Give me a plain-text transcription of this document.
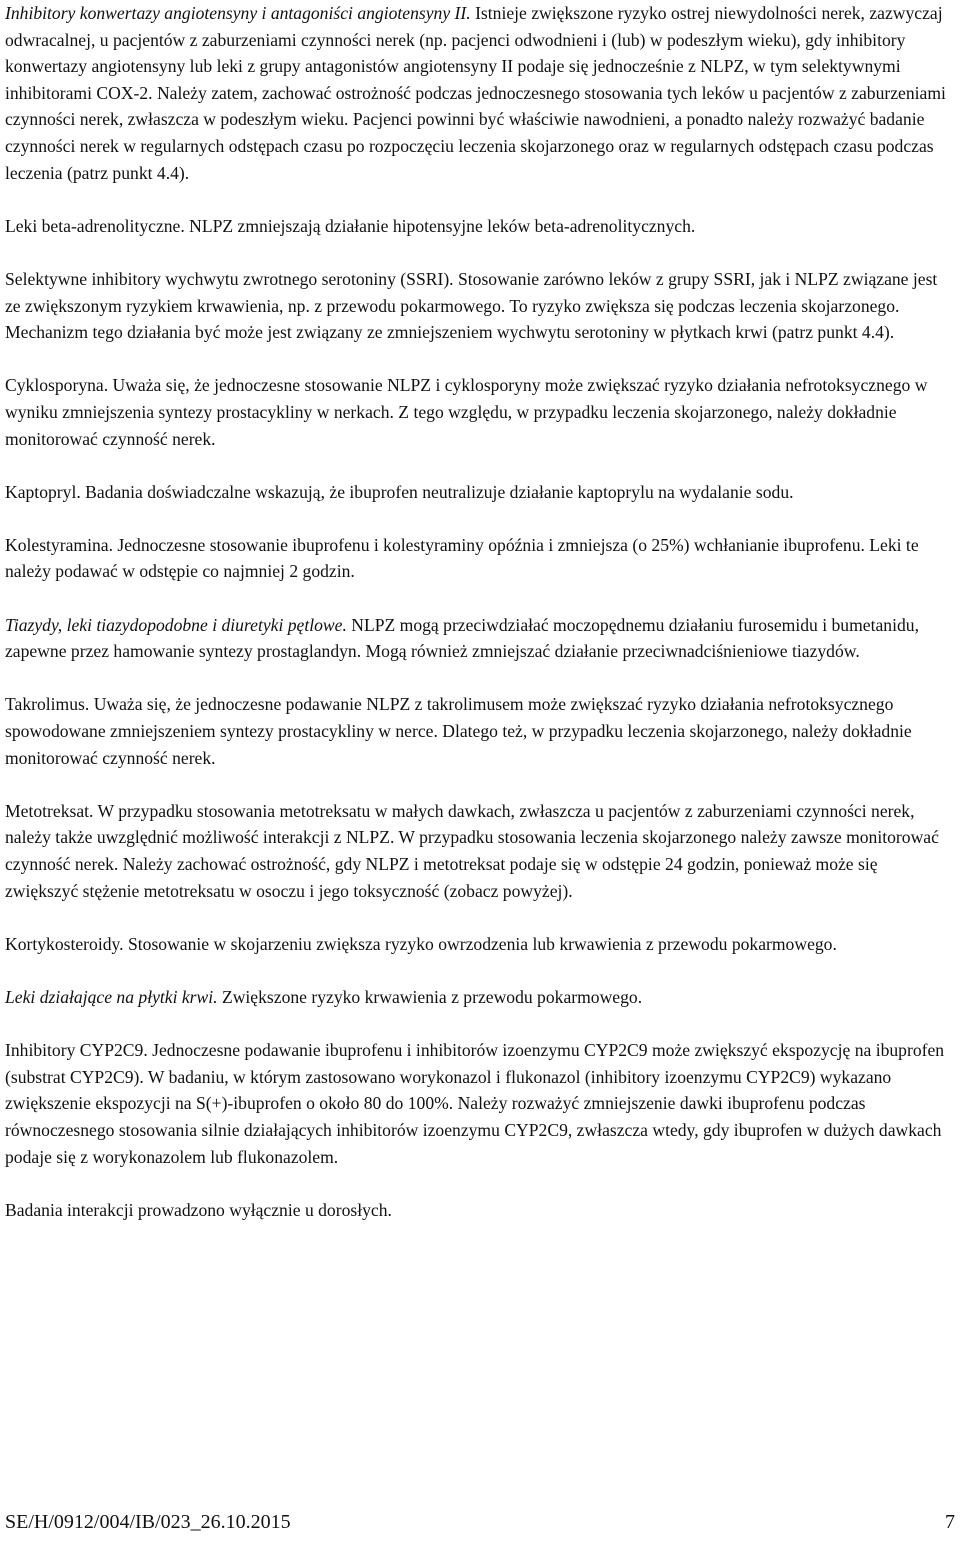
Inhibitory konwertazy angiotensyny i antagoniści angiotensyny II. Istnieje zwiększone ryzyko ostrej niewydolności nerek, zazwyczaj odwracalnej, u pacjentów z zaburzeniami czynności nerek (np. pacjenci odwodnieni i (lub) w podeszłym wieku), gdy inhibitory konwertazy angiotensyny lub leki z grupy antagonistów angiotensyny II podaje się jednocześnie z NLPZ, w tym selektywnymi inhibitorami COX-2. Należy zatem, zachować ostrożność podczas jednoczesnego stosowania tych leków u pacjentów z zaburzeniami czynności nerek, zwłaszcza w podeszłym wieku. Pacjenci powinni być właściwie nawodnieni, a ponadto należy rozważyć badanie czynności nerek w regularnych odstępach czasu po rozpoczęciu leczenia skojarzonego oraz w regularnych odstępach czasu podczas leczenia (patrz punkt 4.4).

Leki beta-adrenolityczne. NLPZ zmniejszają działanie hipotensyjne leków beta-adrenolitycznych.

Selektywne inhibitory wychwytu zwrotnego serotoniny (SSRI). Stosowanie zarówno leków z grupy SSRI, jak i NLPZ związane jest ze zwiększonym ryzykiem krwawienia, np. z przewodu pokarmowego. To ryzyko zwiększa się podczas leczenia skojarzonego. Mechanizm tego działania być może jest związany ze zmniejszeniem wychwytu serotoniny w płytkach krwi (patrz punkt 4.4).

Cyklosporyna. Uważa się, że jednoczesne stosowanie NLPZ i cyklosporyny może zwiększać ryzyko działania nefrotoksycznego w wyniku zmniejszenia syntezy prostacykliny w nerkach. Z tego względu, w przypadku leczenia skojarzonego, należy dokładnie monitorować czynność nerek.

Kaptopryl. Badania doświadczalne wskazują, że ibuprofen neutralizuje działanie kaptoprylu na wydalanie sodu.

Kolestyramina. Jednoczesne stosowanie ibuprofenu i kolestyraminy opóźnia i zmniejsza (o 25%) wchłanianie ibuprofenu. Leki te należy podawać w odstępie co najmniej 2 godzin.

Tiazydy, leki tiazydopodobne i diuretyki pętlowe. NLPZ mogą przeciwdziałać moczopędnemu działaniu furosemidu i bumetanidu, zapewne przez hamowanie syntezy prostaglandyn. Mogą również zmniejszać działanie przeciwnadciśnieniowe tiazydów.

Takrolimus. Uważa się, że jednoczesne podawanie NLPZ z takrolimusem może zwiększać ryzyko działania nefrotoksycznego spowodowane zmniejszeniem syntezy prostacykliny w nerce. Dlatego też, w przypadku leczenia skojarzonego, należy dokładnie monitorować czynność nerek.

Metotreksat. W przypadku stosowania metotreksatu w małych dawkach, zwłaszcza u pacjentów z zaburzeniami czynności nerek, należy także uwzględnić możliwość interakcji z NLPZ. W przypadku stosowania leczenia skojarzonego należy zawsze monitorować czynność nerek. Należy zachować ostrożność, gdy NLPZ i metotreksat podaje się w odstępie 24 godzin, ponieważ może się zwiększyć stężenie metotreksatu w osoczu i jego toksyczność (zobacz powyżej).

Kortykosteroidy. Stosowanie w skojarzeniu zwiększa ryzyko owrzodzenia lub krwawienia z przewodu pokarmowego.

Leki działające na płytki krwi. Zwiększone ryzyko krwawienia z przewodu pokarmowego.

Inhibitory CYP2C9. Jednoczesne podawanie ibuprofenu i inhibitorów izoenzymu CYP2C9 może zwiększyć ekspozycję na ibuprofen (substrat CYP2C9). W badaniu, w którym zastosowano worykonazol i flukonazol (inhibitory izoenzymu CYP2C9) wykazano zwiększenie ekspozycji na S(+)-ibuprofen o około 80 do 100%. Należy rozważyć zmniejszenie dawki ibuprofenu podczas równoczesnego stosowania silnie działających inhibitorów izoenzymu CYP2C9, zwłaszcza wtedy, gdy ibuprofen w dużych dawkach podaje się z worykonazolem lub flukonazolem.

Badania interakcji prowadzono wyłącznie u dorosłych.

SE/H/0912/004/IB/023_26.10.2015	7
